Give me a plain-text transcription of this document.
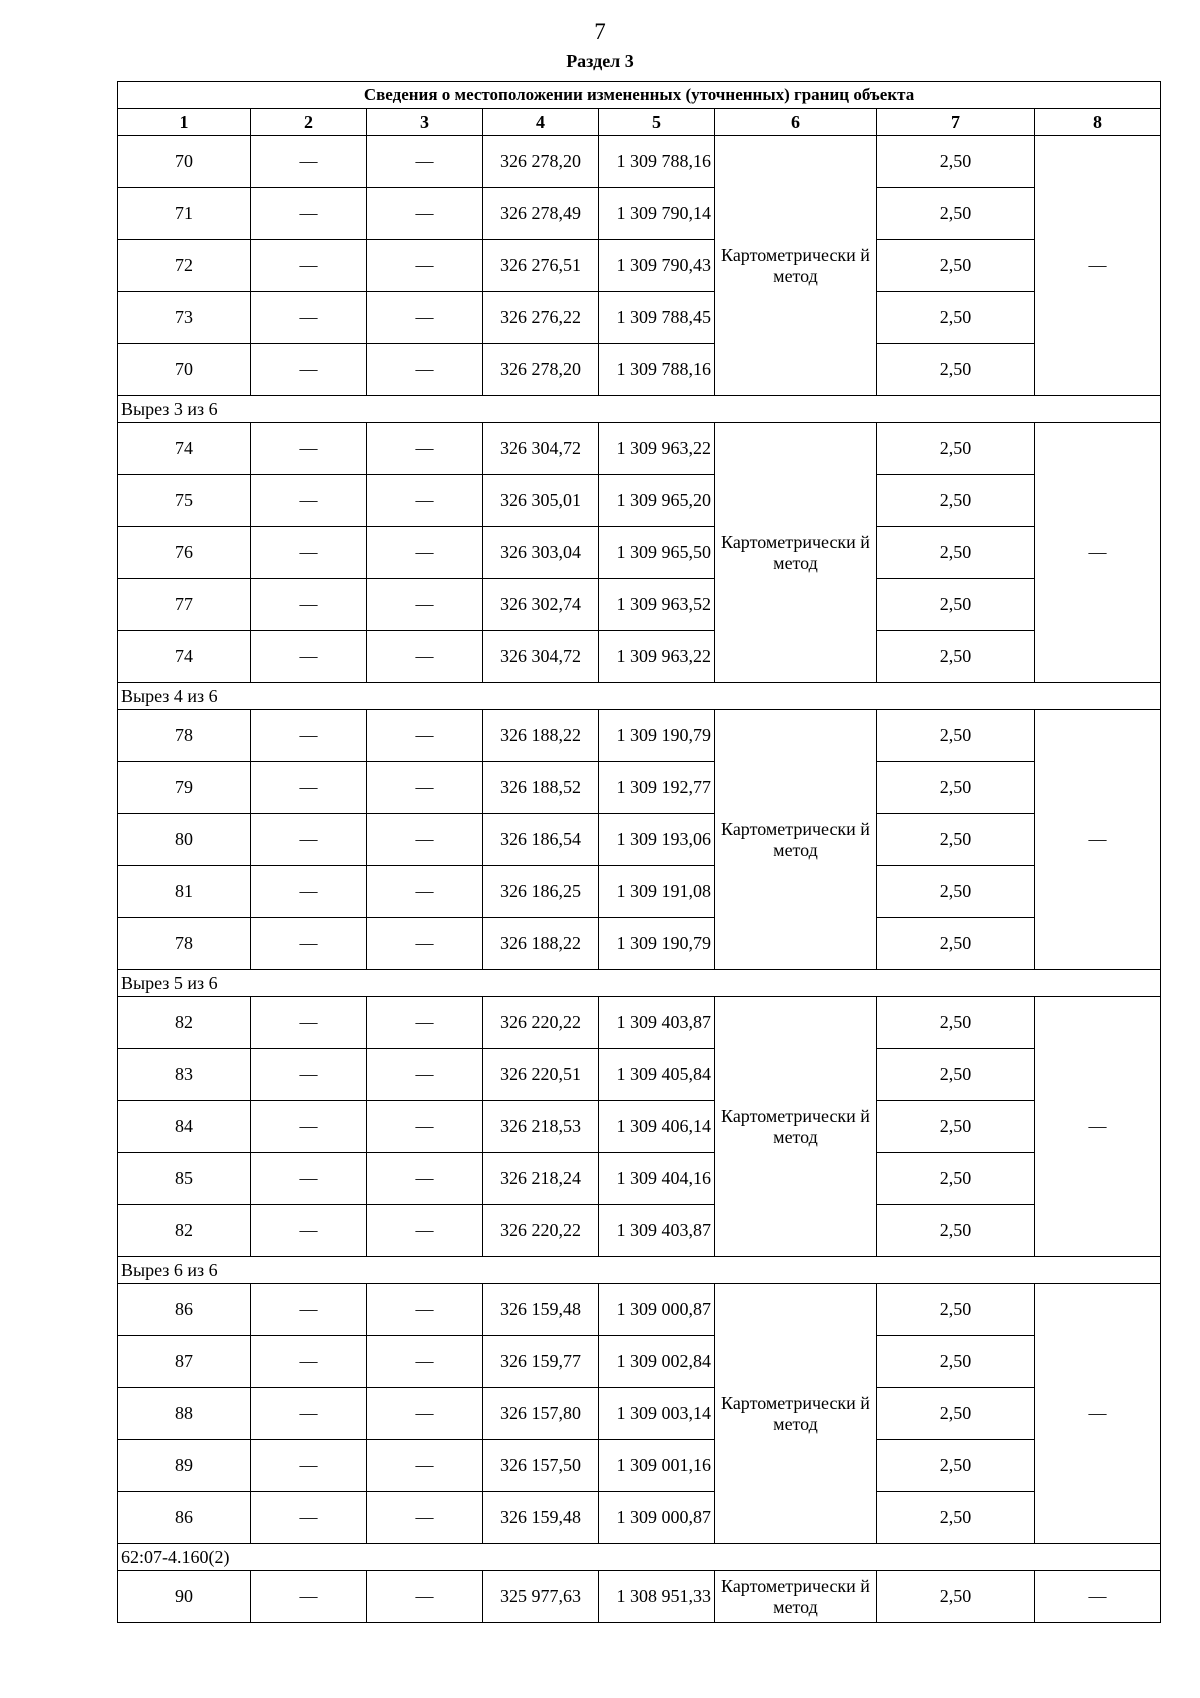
7
Раздел 3
Сведения о местоположении измененных (уточненных) границ объекта							
1	2	3	4	5	6	7	8
70	—	—	326 278,20	1 309 788,16	Картометрически й метод	2,50	—
71	—	—	326 278,49	1 309 790,14		2,50	
72	—	—	326 276,51	1 309 790,43		2,50	
73	—	—	326 276,22	1 309 788,45		2,50	
70	—	—	326 278,20	1 309 788,16		2,50	
Вырез 3 из 6							
74	—	—	326 304,72	1 309 963,22	Картометрически й метод	2,50	—
75	—	—	326 305,01	1 309 965,20		2,50	
76	—	—	326 303,04	1 309 965,50		2,50	
77	—	—	326 302,74	1 309 963,52		2,50	
74	—	—	326 304,72	1 309 963,22		2,50	
Вырез 4 из 6							
78	—	—	326 188,22	1 309 190,79	Картометрически й метод	2,50	—
79	—	—	326 188,52	1 309 192,77		2,50	
80	—	—	326 186,54	1 309 193,06		2,50	
81	—	—	326 186,25	1 309 191,08		2,50	
78	—	—	326 188,22	1 309 190,79		2,50	
Вырез 5 из 6							
82	—	—	326 220,22	1 309 403,87	Картометрически й метод	2,50	—
83	—	—	326 220,51	1 309 405,84		2,50	
84	—	—	326 218,53	1 309 406,14		2,50	
85	—	—	326 218,24	1 309 404,16		2,50	
82	—	—	326 220,22	1 309 403,87		2,50	
Вырез 6 из 6							
86	—	—	326 159,48	1 309 000,87	Картометрически й метод	2,50	—
87	—	—	326 159,77	1 309 002,84		2,50	
88	—	—	326 157,80	1 309 003,14		2,50	
89	—	—	326 157,50	1 309 001,16		2,50	
86	—	—	326 159,48	1 309 000,87		2,50	
62:07-4.160(2)							
90	—	—	325 977,63	1 308 951,33	Картометрически й метод	2,50	—
